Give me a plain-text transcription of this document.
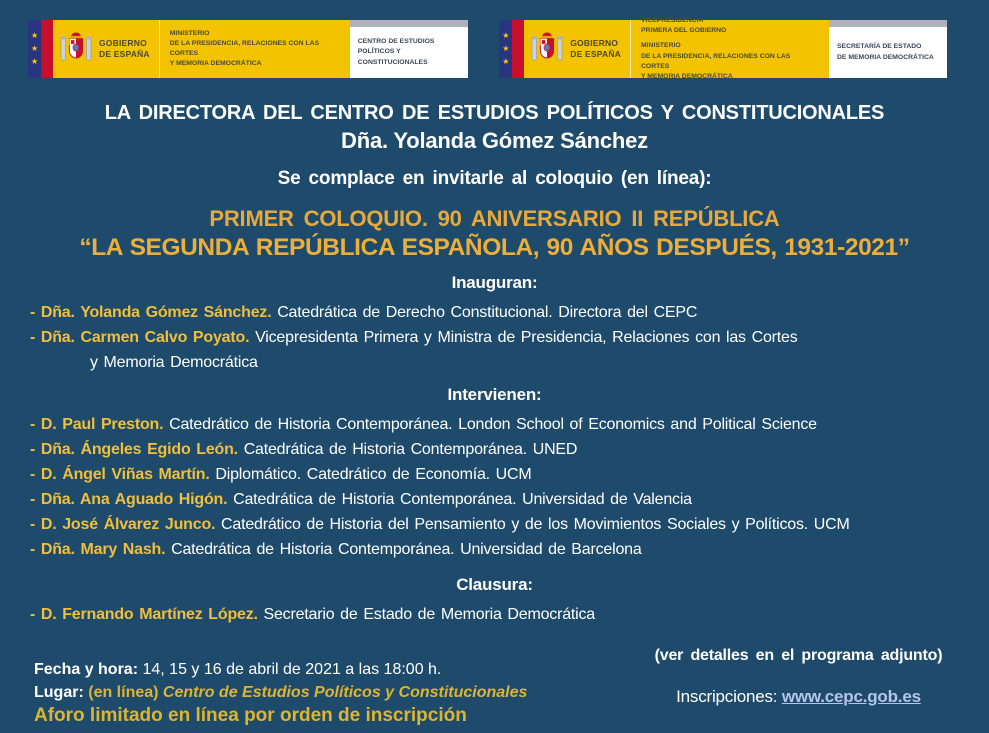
★
★
★
GOBIERNO
DE ESPAÑA
MINISTERIO
DE LA PRESIDENCIA, RELACIONES CON LAS CORTES
Y MEMORIA DEMOCRÁTICA
CENTRO DE ESTUDIOS
POLÍTICOS Y CONSTITUCIONALES
★
★
★
GOBIERNO
DE ESPAÑA
VICEPRESIDENCIA
PRIMERA DEL GOBIERNO
MINISTERIO
DE LA PRESIDENCIA, RELACIONES CON LAS CORTES
Y MEMORIA DEMOCRÁTICA
SECRETARÍA DE ESTADO
DE MEMORIA DEMOCRÁTICA
LA DIRECTORA DEL CENTRO DE ESTUDIOS POLÍTICOS Y CONSTITUCIONALES
Dña. Yolanda Gómez Sánchez
Se complace en invitarle al coloquio (en línea):
PRIMER COLOQUIO. 90 ANIVERSARIO II REPÚBLICA
“LA SEGUNDA REPÚBLICA ESPAÑOLA, 90 AÑOS DESPUÉS, 1931-2021”
Inauguran:
- Dña. Yolanda Gómez Sánchez. Catedrática de Derecho Constitucional. Directora del CEPC
- Dña. Carmen Calvo Poyato. Vicepresidenta Primera y Ministra de Presidencia, Relaciones con las Cortes
y Memoria Democrática
Intervienen:
- D. Paul Preston. Catedrático de Historia Contemporánea. London School of Economics and Political Science
- Dña. Ángeles Egido León. Catedrática de Historia Contemporánea. UNED
- D. Ángel Viñas Martín. Diplomático. Catedrático de Economía. UCM
- Dña. Ana Aguado Higón. Catedrática de Historia Contemporánea. Universidad de Valencia
- D. José Álvarez Junco. Catedrático de Historia del Pensamiento y de los Movimientos Sociales y Políticos. UCM
- Dña. Mary Nash. Catedrática de Historia Contemporánea. Universidad de Barcelona
Clausura:
- D. Fernando Martínez López. Secretario de Estado de Memoria Democrática
Fecha y hora: 14, 15 y 16 de abril de 2021 a las 18:00 h.
Lugar: (en línea) Centro de Estudios Políticos y Constitucionales
Aforo limitado en línea por orden de inscripción
(ver detalles en el programa adjunto)
Inscripciones: www.cepc.gob.es
